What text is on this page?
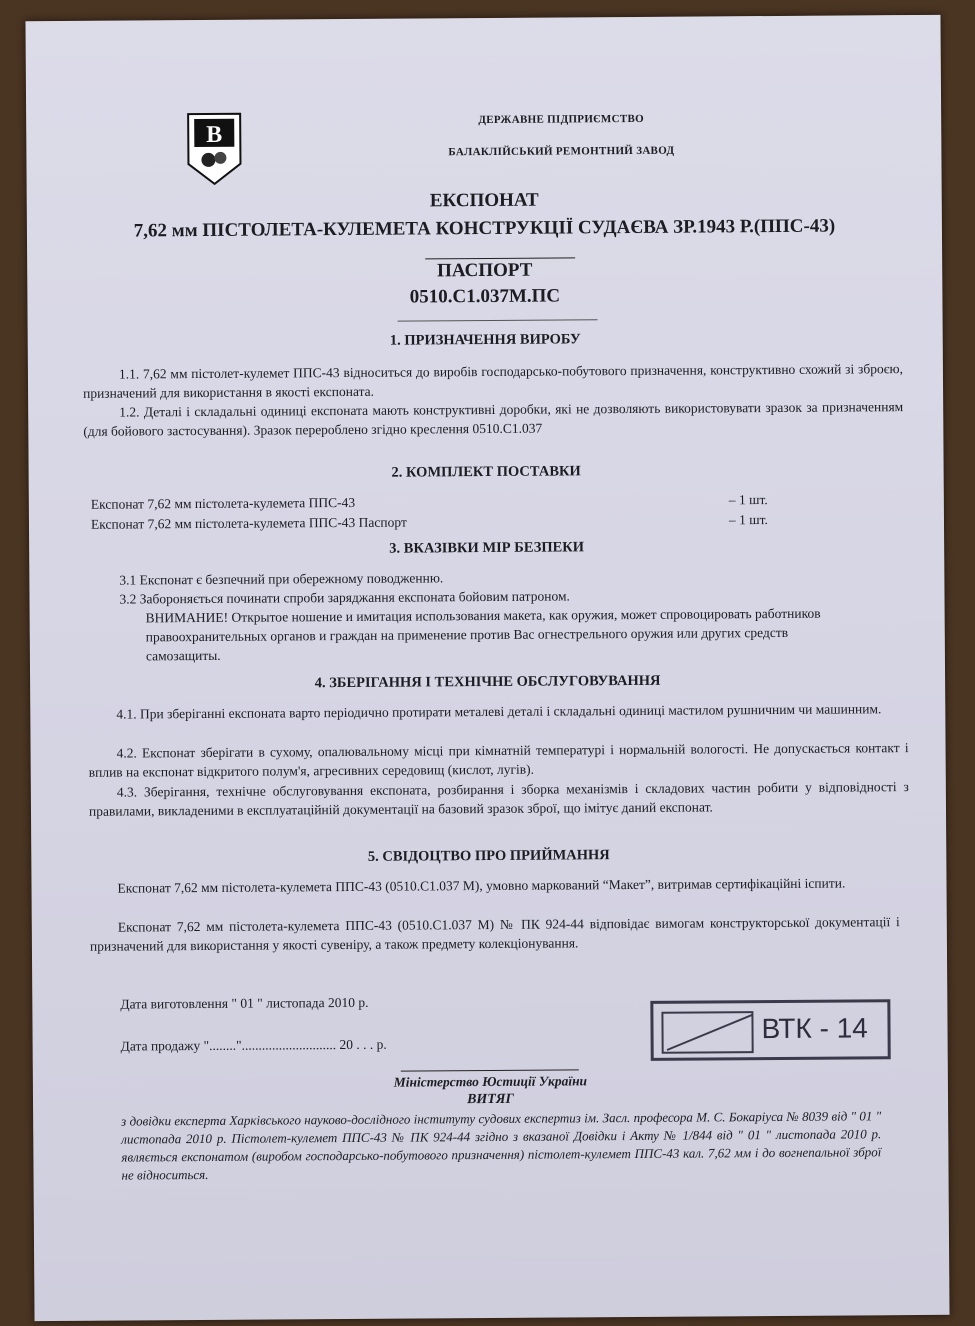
B
ДЕРЖАВНЕ ПІДПРИЄМСТВО
БАЛАКЛІЙСЬКИЙ РЕМОНТНИЙ ЗАВОД
ЕКСПОНАТ
7,62 мм ПІСТОЛЕТА-КУЛЕМЕТА КОНСТРУКЦІЇ СУДАЄВА ЗР.1943 Р.(ППС-43)
ПАСПОРТ
0510.С1.037М.ПС
1. ПРИЗНАЧЕННЯ ВИРОБУ
1.1. 7,62 мм пістолет-кулемет ППС-43 відноситься до виробів господарсько-побутового призначення, конструктивно схожий зі зброєю, призначений для використання в якості експоната.
1.2. Деталі і складальні одиниці експоната мають конструктивні доробки, які не дозволяють використовувати зразок за призначенням (для бойового застосування). Зразок перероблено згідно креслення 0510.С1.037
2. КОМПЛЕКТ ПОСТАВКИ
Експонат 7,62 мм пістолета-кулемета ППС-43	– 1 шт.
Експонат 7,62 мм пістолета-кулемета ППС-43 Паспорт	– 1 шт.
3. ВКАЗІВКИ МІР БЕЗПЕКИ
3.1 Експонат є безпечний при обережному поводженню.
3.2 Забороняється починати спроби заряджання експоната бойовим патроном.
ВНИМАНИЕ! Открытое ношение и имитация использования макета, как оружия, может спровоцировать работников правоохранительных органов и граждан на применение против Вас огнестрельного оружия или других средств самозащиты.
4. ЗБЕРІГАННЯ І ТЕХНІЧНЕ ОБСЛУГОВУВАННЯ
4.1. При зберіганні експоната варто періодично протирати металеві деталі і складальні одиниці мастилом рушничним чи машинним.
4.2. Експонат зберігати в сухому, опалювальному місці при кімнатній температурі і нормальній вологості. Не допускається контакт і вплив на експонат відкритого полум'я, агресивних середовищ (кислот, лугів).
4.3. Зберігання, технічне обслуговування експоната, розбирання і зборка механізмів і складових частин робити у відповідності з правилами, викладеними в експлуатаційній документації на базовий зразок зброї, що імітує даний експонат.
5. СВІДОЦТВО ПРО ПРИЙМАННЯ
Експонат 7,62 мм пістолета-кулемета ППС-43 (0510.С1.037 М), умовно маркований “Макет”, витримав сертифікаційні іспити.
Експонат 7,62 мм пістолета-кулемета ППС-43 (0510.С1.037 М) № ПК 924-44 відповідає вимогам конструкторської документації і призначений для використання у якості сувеніру, а також предмету колекціонування.
Дата виготовлення " 01 " листопада 2010 р.
Дата продажу "........"............................ 20 . . . р.
ВТК - 14
Міністерство Юстиції України
ВИТЯГ
з довідки експерта Харківського науково-дослідного інституту судових експертиз ім. Засл. професора М. С. Бокаріуса № 8039 від " 01 " листопада 2010 р. Пістолет-кулемет ППС-43 № ПК 924-44 згідно з вказаної Довідки і Акту № 1/844 від " 01 " листопада 2010 р. являється експонатом (виробом господарсько-побутового призначення) пістолет-кулемет ППС-43 кал. 7,62 мм і до вогнепальної зброї не відноситься.
